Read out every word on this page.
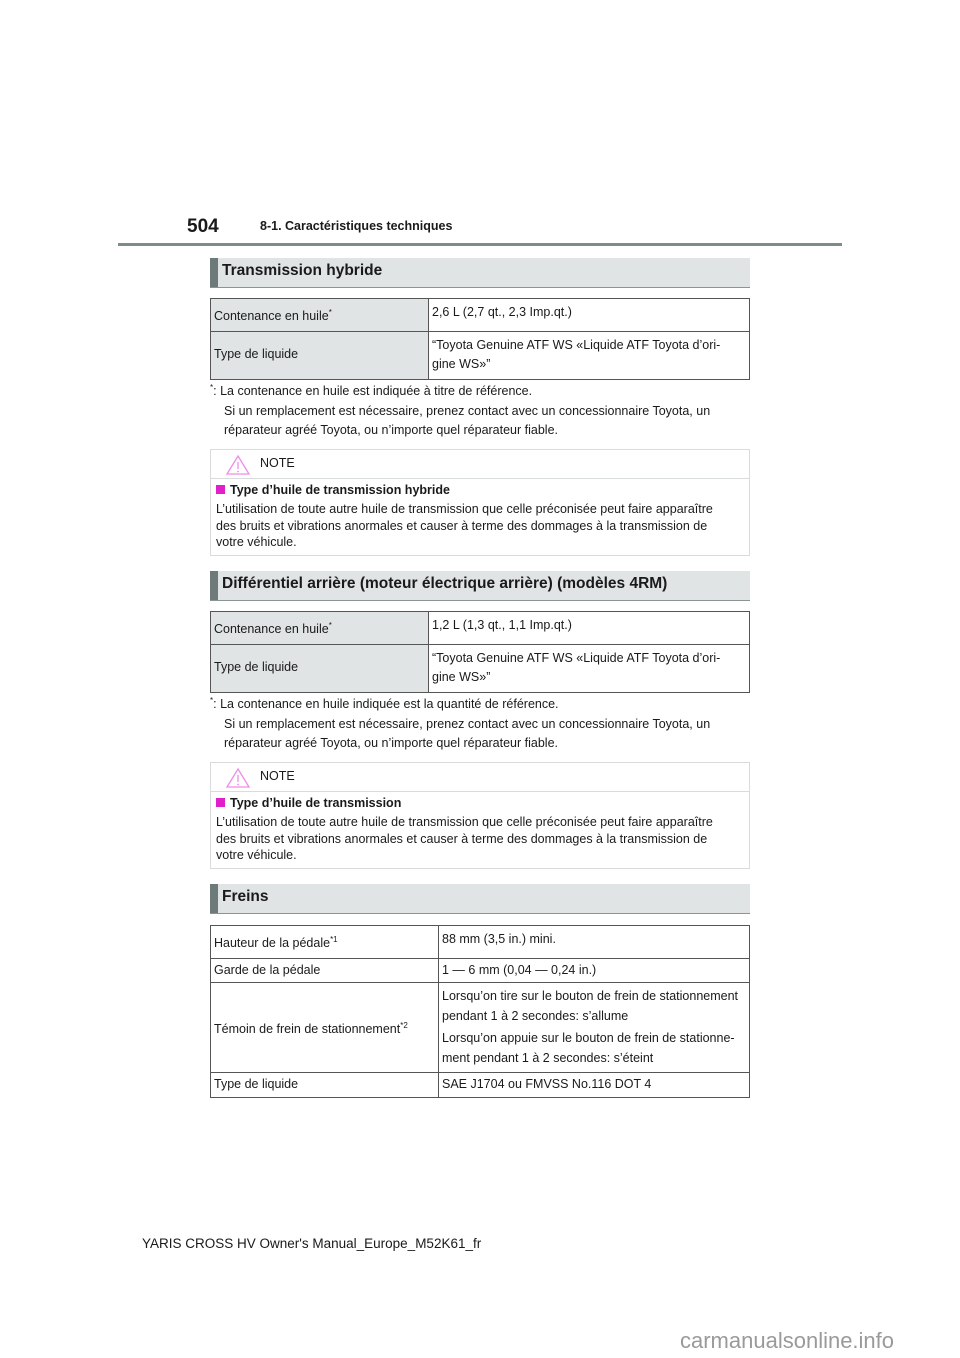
504	8-1. Caractéristiques techniques
Transmission hybride
Contenance en huile*	2,6 L (2,7 qt., 2,3 Imp.qt.)

Type de liquide	“Toyota Genuine ATF WS «Liquide ATF Toyota d’ori-
gine WS»”
*: La contenance en huile est indiquée à titre de référence.
Si un remplacement est nécessaire, prenez contact avec un concessionnaire Toyota, un
réparateur agréé Toyota, ou n’importe quel réparateur fiable.
NOTE
Type d’huile de transmission hybride
L’utilisation de toute autre huile de transmission que celle préconisée peut faire apparaître
des bruits et vibrations anormales et causer à terme des dommages à la transmission de
votre véhicule.
Différentiel arrière (moteur électrique arrière) (modèles 4RM)
Contenance en huile*	1,2 L (1,3 qt., 1,1 Imp.qt.)

Type de liquide	“Toyota Genuine ATF WS «Liquide ATF Toyota d’ori-
gine WS»”
*: La contenance en huile indiquée est la quantité de référence.
Si un remplacement est nécessaire, prenez contact avec un concessionnaire Toyota, un
réparateur agréé Toyota, ou n’importe quel réparateur fiable.
NOTE
Type d’huile de transmission
L’utilisation de toute autre huile de transmission que celle préconisée peut faire apparaître
des bruits et vibrations anormales et causer à terme des dommages à la transmission de
votre véhicule.
Freins
Hauteur de la pédale$^{*1}$	88 mm (3,5 in.) mini.

Garde de la pédale	1 — 6 mm (0,04 — 0,24 in.)

Témoin de frein de stationnement$^{*2}$	Lorsqu’on tire sur le bouton de frein de stationnement
pendant 1 à 2 secondes: s’allume
Lorsqu’on appuie sur le bouton de frein de stationne-
ment pendant 1 à 2 secondes: s’éteint

Type de liquide	SAE J1704 ou FMVSS No.116 DOT 4
YARIS CROSS HV Owner's Manual_Europe_M52K61_fr
carmanualsonline.info
